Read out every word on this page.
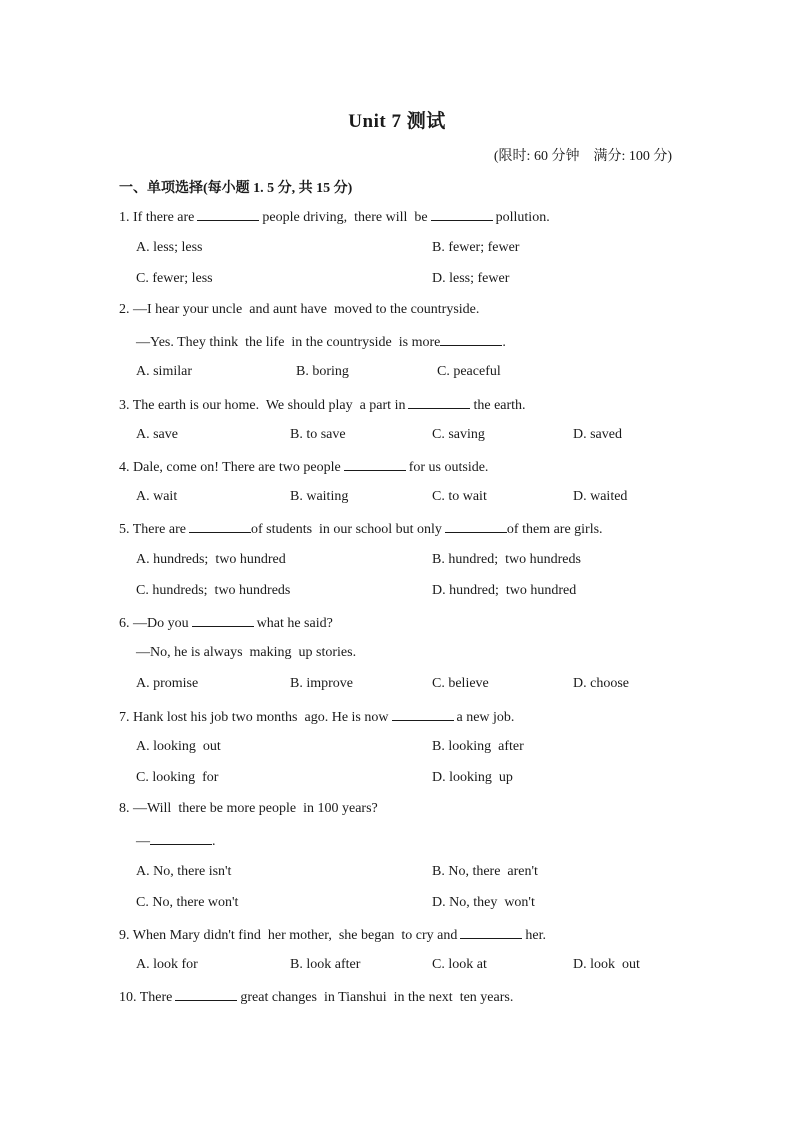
Unit 7 测试
(限时: 60 分钟    满分: 100 分)
一、单项选择(每小题 1. 5 分, 共 15 分)
1. If there are	people driving,  there will  be	pollution.
A. less; less	B. fewer; fewer
C. fewer; less	D. less; fewer
2. —I hear your uncle  and aunt have  moved to the countryside.
—Yes. They think  the life  in the countryside  is more	.
A. similar	B. boring	C. peaceful
3. The earth is our home.  We should play  a part in	the earth.
A. save	B. to save	C. saving	D. saved
4. Dale, come on! There are two people	for us outside.
A. wait	B. waiting	C. to wait	D. waited
5. There are	of students  in our school but only	of them are girls.
A. hundreds;  two hundred	B. hundred;  two hundreds
C. hundreds;  two hundreds	D. hundred;  two hundred
6. —Do you	what he said?
—No, he is always  making  up stories.
A. promise	B. improve	C. believe	D. choose
7. Hank lost his job two months  ago. He is now	a new job.
A. looking  out	B. looking  after
C. looking  for	D. looking  up
8. —Will  there be more people  in 100 years?
—	.
A. No, there isn't	B. No, there  aren't
C. No, there won't	D. No, they  won't
9. When Mary didn't find  her mother,  she began  to cry and	her.
A. look for	B. look after	C. look at	D. look  out
10. There	great changes  in Tianshui  in the next  ten years.
